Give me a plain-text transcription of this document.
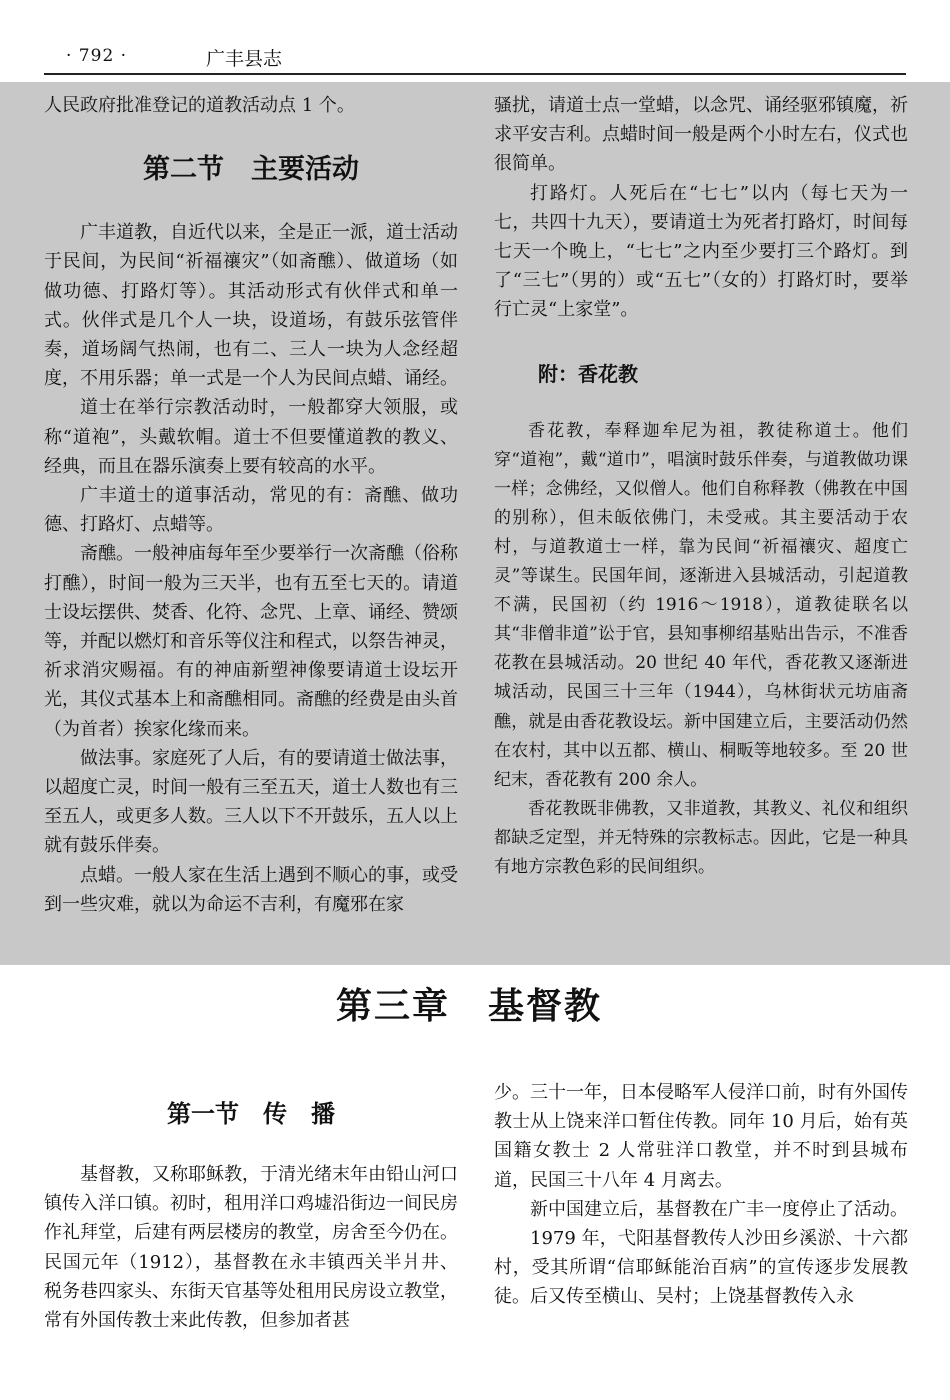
· 792 ·	广丰县志

人民政府批准登记的道教活动点 1 个。

第二节　主要活动

广丰道教，自近代以来，全是正一派，道士活动于民间，为民间“祈福禳灾”（如斋醮）、做道场（如做功德、打路灯等）。其活动形式有伙伴式和单一式。伙伴式是几个人一块，设道场，有鼓乐弦管伴奏，道场阔气热闹，也有二、三人一块为人念经超度，不用乐器；单一式是一个人为民间点蜡、诵经。

道士在举行宗教活动时，一般都穿大领服，或称“道袍”，头戴软帽。道士不但要懂道教的教义、经典，而且在器乐演奏上要有较高的水平。

广丰道士的道事活动，常见的有：斋醮、做功德、打路灯、点蜡等。

斋醮。一般神庙每年至少要举行一次斋醮（俗称打醮），时间一般为三天半，也有五至七天的。请道士设坛摆供、焚香、化符、念咒、上章、诵经、赞颂等，并配以燃灯和音乐等仪注和程式，以祭告神灵，祈求消灾赐福。有的神庙新塑神像要请道士设坛开光，其仪式基本上和斋醮相同。斋醮的经费是由头首（为首者）挨家化缘而来。

做法事。家庭死了人后，有的要请道士做法事，以超度亡灵，时间一般有三至五天，道士人数也有三至五人，或更多人数。三人以下不开鼓乐，五人以上就有鼓乐伴奏。

点蜡。一般人家在生活上遇到不顺心的事，或受到一些灾难，就以为命运不吉利，有魔邪在家

骚扰，请道士点一堂蜡，以念咒、诵经驱邪镇魔，祈求平安吉利。点蜡时间一般是两个小时左右，仪式也很简单。

打路灯。人死后在“七七”以内（每七天为一七，共四十九天），要请道士为死者打路灯，时间每七天一个晚上，“七七”之内至少要打三个路灯。到了“三七”（男的）或“五七”（女的）打路灯时，要举行亡灵“上家堂”。

附：香花教

香花教，奉释迦牟尼为祖，教徒称道士。他们穿“道袍”，戴“道巾”，唱演时鼓乐伴奏，与道教做功课一样；念佛经，又似僧人。他们自称释教（佛教在中国的别称），但未皈依佛门，未受戒。其主要活动于农村，与道教道士一样，靠为民间“祈福禳灾、超度亡灵”等谋生。民国年间，逐渐进入县城活动，引起道教不满，民国初（约 1916～1918），道教徒联名以其“非僧非道”讼于官，县知事柳绍基贴出告示，不准香花教在县城活动。20 世纪 40 年代，香花教又逐渐进城活动，民国三十三年（1944），乌林街状元坊庙斋醮，就是由香花教设坛。新中国建立后，主要活动仍然在农村，其中以五都、横山、桐畈等地较多。至 20 世纪末，香花教有 200 余人。

香花教既非佛教，又非道教，其教义、礼仪和组织都缺乏定型，并无特殊的宗教标志。因此，它是一种具有地方宗教色彩的民间组织。

第三章　基督教

第一节　传　播

基督教，又称耶稣教，于清光绪末年由铅山河口镇传入洋口镇。初时，租用洋口鸡墟沿街边一间民房作礼拜堂，后建有两层楼房的教堂，房舍至今仍在。民国元年（1912），基督教在永丰镇西关半爿井、税务巷四家头、东街天官基等处租用民房设立教堂，常有外国传教士来此传教，但参加者甚

少。三十一年，日本侵略军人侵洋口前，时有外国传教士从上饶来洋口暂住传教。同年 10 月后，始有英国籍女教士 2 人常驻洋口教堂，并不时到县城布道，民国三十八年 4 月离去。

新中国建立后，基督教在广丰一度停止了活动。

1979 年，弋阳基督教传人沙田乡溪淤、十六都村，受其所谓“信耶稣能治百病”的宣传逐步发展教徒。后又传至横山、吴村；上饶基督教传入永
